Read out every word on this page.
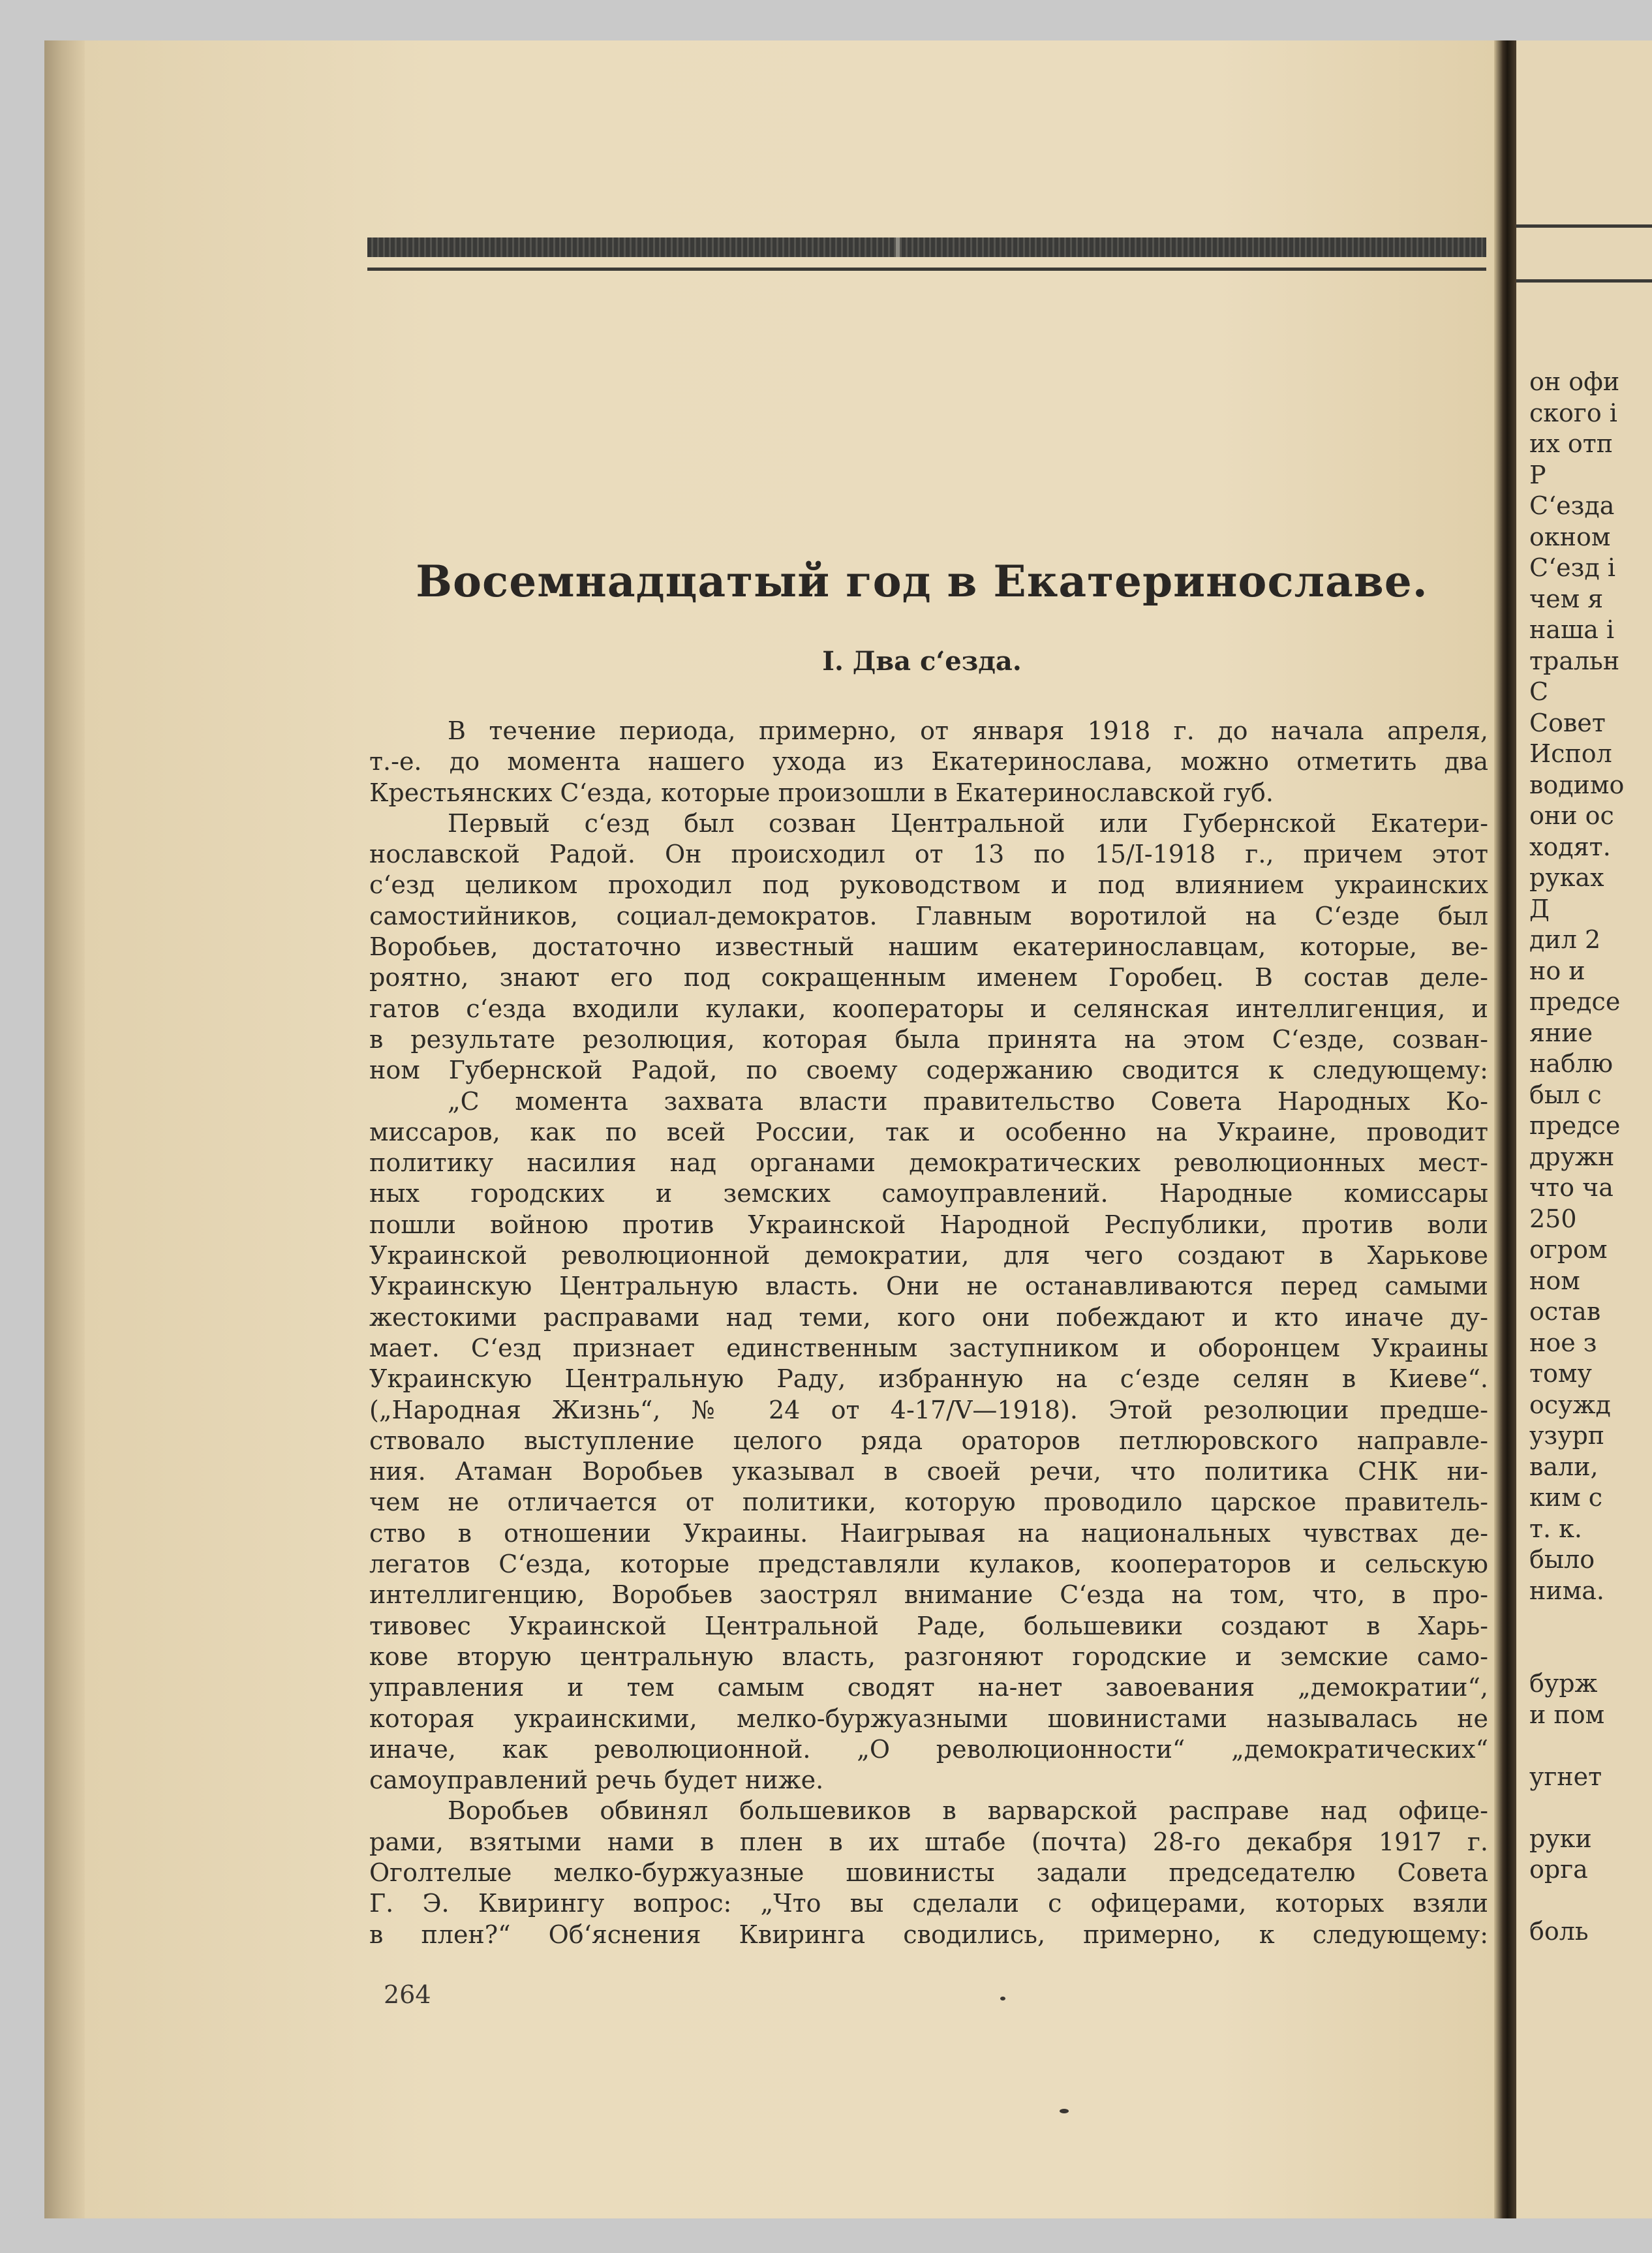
Восемнадцатый год в Екатеринославе.
I. Два с‘езда.
В течение периода, примерно, от января 1918 г. до начала апреля,
т.-е. до момента нашего ухода из Екатеринослава, можно отметить два
Крестьянских С‘езда, которые произошли в Екатеринославской губ.
Первый с‘езд был созван Центральной или Губернской Екатери-
нославской Радой. Он происходил от 13 по 15/I-1918 г., причем этот
с‘езд целиком проходил под руководством и под влиянием украинских
самостийников, социал-демократов. Главным воротилой на С‘езде был
Воробьев, достаточно известный нашим екатеринославцам, которые, ве-
роятно, знают его под сокращенным именем Горобец. В состав деле-
гатов с‘езда входили кулаки, кооператоры и селянская интеллигенция, и
в результате резолюция, которая была принята на этом С‘езде, созван-
ном Губернской Радой, по своему содержанию сводится к следующему:
„С момента захвата власти правительство Совета Народных Ко-
миссаров, как по всей России, так и особенно на Украине, проводит
политику насилия над органами демократических революционных мест-
ных городских и земских самоуправлений. Народные комиссары
пошли войною против Украинской Народной Республики, против воли
Украинской революционной демократии, для чего создают в Харькове
Украинскую Центральную власть. Они не останавливаются перед самыми
жестокими расправами над теми, кого они побеждают и кто иначе ду-
мает. С‘езд признает единственным заступником и оборонцем Украины
Украинскую Центральную Раду, избранную на с‘езде селян в Киеве“.
(„Народная Жизнь“, № 24 от 4-17/V—1918). Этой резолюции предше-
ствовало выступление целого ряда ораторов петлюровского направле-
ния. Атаман Воробьев указывал в своей речи, что политика СНК ни-
чем не отличается от политики, которую проводило царское правитель-
ство в отношении Украины. Наигрывая на национальных чувствах де-
легатов С‘езда, которые представляли кулаков, кооператоров и сельскую
интеллигенцию, Воробьев заострял внимание С‘езда на том, что, в про-
тивовес Украинской Центральной Раде, большевики создают в Харь-
кове вторую центральную власть, разгоняют городские и земские само-
управления и тем самым сводят на-нет завоевания „демократии“,
которая украинскими, мелко-буржуазными шовинистами называлась не
иначе, как революционной. „О революционности“ „демократических“
самоуправлений речь будет ниже.
Воробьев обвинял большевиков в варварской расправе над офице-
рами, взятыми нами в плен в их штабе (почта) 28-го декабря 1917 г.
Оголтелые мелко-буржуазные шовинисты задали председателю Совета
Г. Э. Квирингу вопрос: „Что вы сделали с офицерами, которых взяли
в плен?“ Об‘яснения Квиринга сводились, примерно, к следующему:

264

он офи
ского і
их отп
Р
С‘езда
окном
С‘езд і
чем я
наша і
тральн
С
Совет
Испол
водимо
они ос
ходят.
руках
Д
дил 2
но и
предсе
яние
наблю
был с
предсе
дружн
что ча
250
огром
ном
остав
ное з
тому
осужд
узурп
вали,
ким с
т. к.
было
нима.
бурж
и пом
угнет
руки
орга
боль
